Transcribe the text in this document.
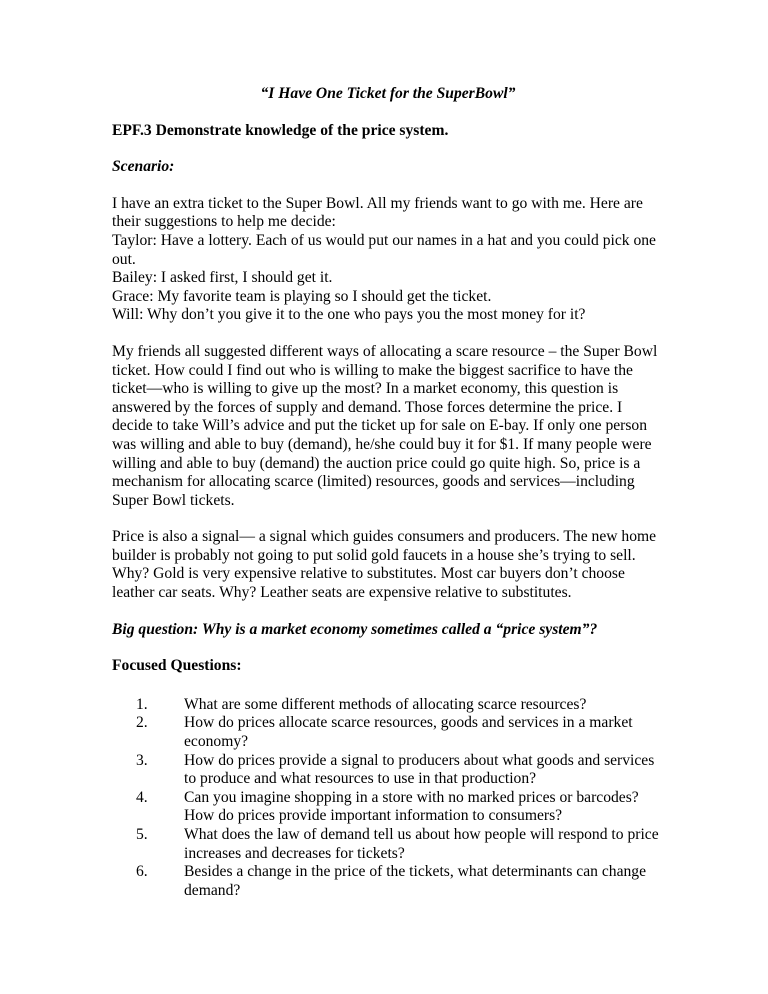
“I Have One Ticket for the SuperBowl”
EPF.3 Demonstrate knowledge of the price system.
Scenario:
I have an extra ticket to the Super Bowl. All my friends want to go with me. Here are their suggestions to help me decide:
Taylor: Have a lottery. Each of us would put our names in a hat and you could pick one out.
Bailey: I asked first, I should get it.
Grace: My favorite team is playing so I should get the ticket.
Will: Why don’t you give it to the one who pays you the most money for it?

My friends all suggested different ways of allocating a scare resource – the Super Bowl ticket. How could I find out who is willing to make the biggest sacrifice to have the ticket—who is willing to give up the most? In a market economy, this question is answered by the forces of supply and demand. Those forces determine the price. I decide to take Will’s advice and put the ticket up for sale on E-bay. If only one person was willing and able to buy (demand), he/she could buy it for $1. If many people were willing and able to buy (demand) the auction price could go quite high. So, price is a mechanism for allocating scarce (limited) resources, goods and services—including Super Bowl tickets.

Price is also a signal— a signal which guides consumers and producers. The new home builder is probably not going to put solid gold faucets in a house she’s trying to sell. Why? Gold is very expensive relative to substitutes. Most car buyers don’t choose leather car seats. Why? Leather seats are expensive relative to substitutes.

Big question: Why is a market economy sometimes called a “price system”?
Focused Questions:
1.	What are some different methods of allocating scarce resources?
2.	How do prices allocate scarce resources, goods and services in a market economy?
3.	How do prices provide a signal to producers about what goods and services to produce and what resources to use in that production?
4.	Can you imagine shopping in a store with no marked prices or barcodes? How do prices provide important information to consumers?
5.	What does the law of demand tell us about how people will respond to price increases and decreases for tickets?
6.	Besides a change in the price of the tickets, what determinants can change demand?
